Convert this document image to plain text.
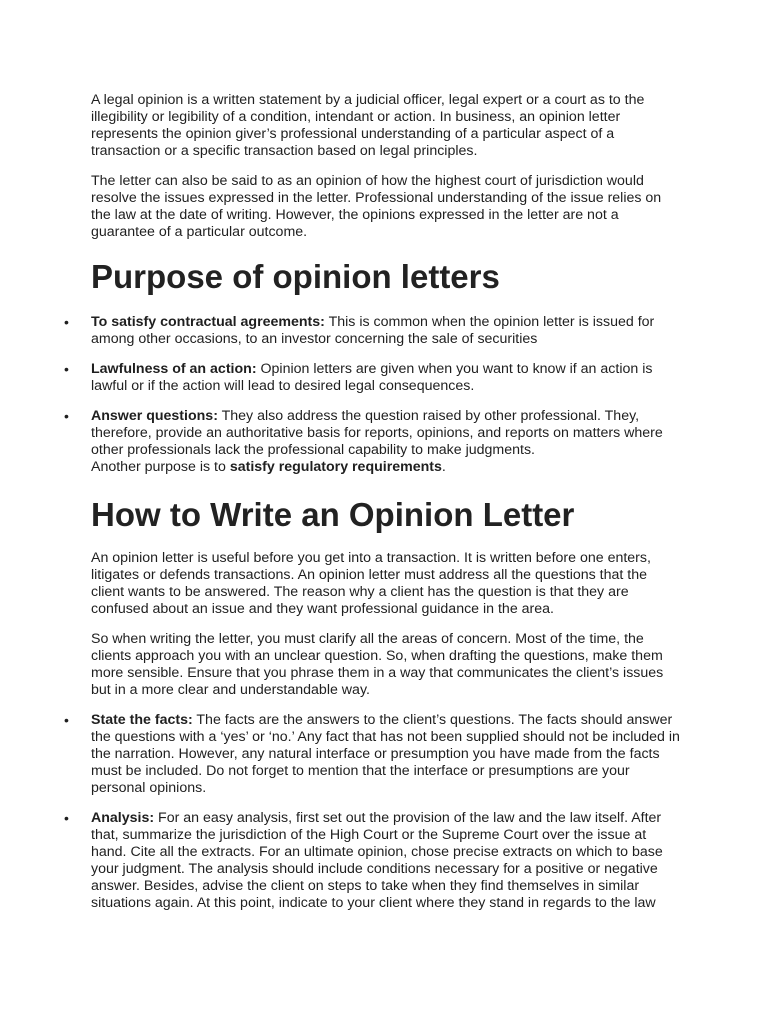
A legal opinion is a written statement by a judicial officer, legal expert or a court as to the illegibility or legibility of a condition, intendant or action. In business, an opinion letter represents the opinion giver’s professional understanding of a particular aspect of a transaction or a specific transaction based on legal principles.

The letter can also be said to as an opinion of how the highest court of jurisdiction would resolve the issues expressed in the letter. Professional understanding of the issue relies on the law at the date of writing. However, the opinions expressed in the letter are not a guarantee of a particular outcome.

Purpose of opinion letters
• To satisfy contractual agreements: This is common when the opinion letter is issued for among other occasions, to an investor concerning the sale of securities

• Lawfulness of an action: Opinion letters are given when you want to know if an action is lawful or if the action will lead to desired legal consequences.

• Answer questions: They also address the question raised by other professional. They, therefore, provide an authoritative basis for reports, opinions, and reports on matters where other professionals lack the professional capability to make judgments.

Another purpose is to satisfy regulatory requirements.

How to Write an Opinion Letter

An opinion letter is useful before you get into a transaction. It is written before one enters, litigates or defends transactions. An opinion letter must address all the questions that the client wants to be answered. The reason why a client has the question is that they are confused about an issue and they want professional guidance in the area.

So when writing the letter, you must clarify all the areas of concern. Most of the time, the clients approach you with an unclear question. So, when drafting the questions, make them more sensible. Ensure that you phrase them in a way that communicates the client’s issues but in a more clear and understandable way.

• State the facts: The facts are the answers to the client’s questions. The facts should answer the questions with a ‘yes’ or ‘no.’ Any fact that has not been supplied should not be included in the narration. However, any natural interface or presumption you have made from the facts must be included. Do not forget to mention that the interface or presumptions are your personal opinions.

• Analysis: For an easy analysis, first set out the provision of the law and the law itself. After that, summarize the jurisdiction of the High Court or the Supreme Court over the issue at hand. Cite all the extracts. For an ultimate opinion, chose precise extracts on which to base your judgment. The analysis should include conditions necessary for a positive or negative answer. Besides, advise the client on steps to take when they find themselves in similar situations again. At this point, indicate to your client where they stand in regards to the law
